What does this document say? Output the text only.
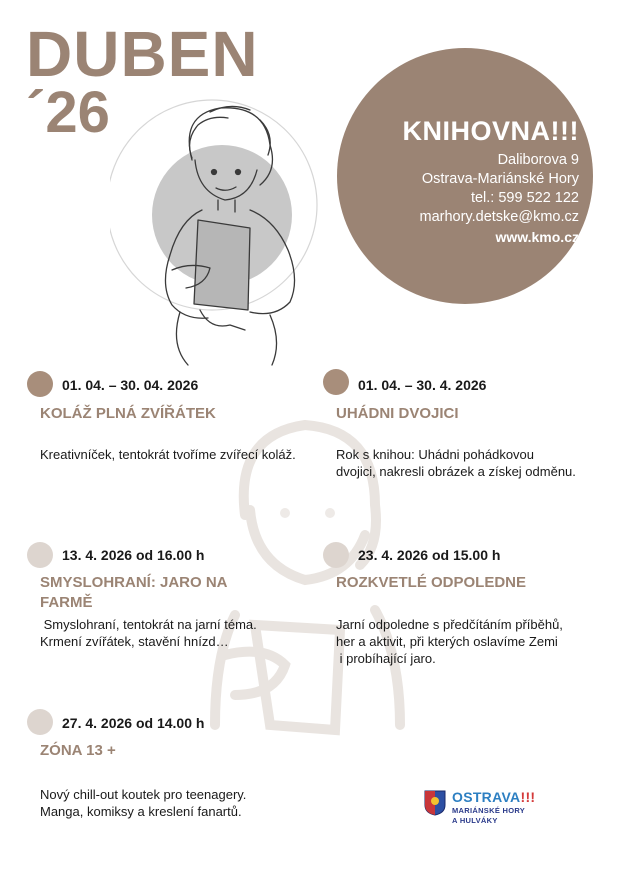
DUBEN
´26	KNIHOVNA!!!
Daliborova 9
Ostrava-Mariánské Hory
tel.: 599 522 122
marhory.detske@kmo.cz
www.kmo.cz
01. 04. – 30. 04. 2026
KOLÁŽ PLNÁ ZVÍŘÁTEK
Kreativníček, tentokrát tvoříme zvířecí koláž.
01. 04. – 30. 4. 2026
UHÁDNI DVOJICI
Rok s knihou: Uhádni pohádkovou dvojici, nakresli obrázek a získej odměnu.
13. 4. 2026 od 16.00 h
SMYSLOHRANÍ: JARO NA
FARMĚ
Smyslohraní, tentokrát na jarní téma.
Krmení zvířátek, stavění hnízd…
23. 4. 2026 od 15.00 h
ROZKVETLÉ ODPOLEDNE
Jarní odpoledne s předčítáním příběhů,
her a aktivit, při kterých oslavíme Zemi
i probíhající jaro.
27. 4. 2026 od 14.00 h
ZÓNA 13 +
Nový chill-out koutek pro teenagery.
Manga, komiksy a kreslení fanartů.
OSTRAVA!!!
MARIÁNSKÉ HORY
A HULVÁKY
